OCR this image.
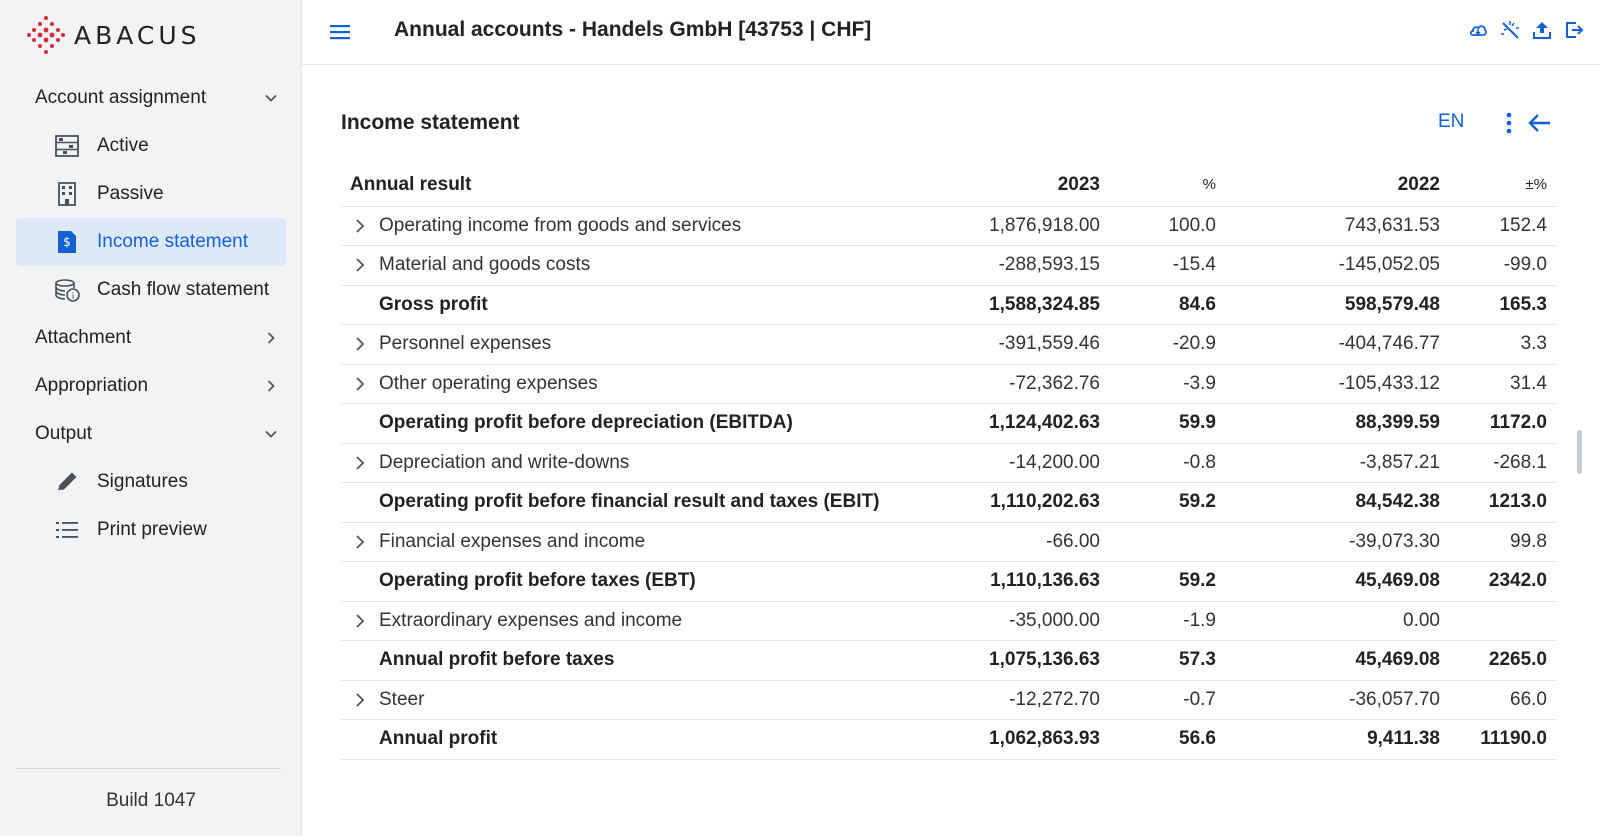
ABACUS
Account assignment
Active
Passive
$ Income statement
i Cash flow statement
Attachment
Appropriation
Output
Signatures
Print preview
Build 1047
Annual accounts - Handels GmbH [43753 | CHF]
Income statement	EN
Annual result		2023	%	2022	±%
	Operating income from goods and services	1,876,918.00	100.0	743,631.53	152.4
	Material and goods costs	-288,593.15	-15.4	-145,052.05	-99.0
	Gross profit	1,588,324.85	84.6	598,579.48	165.3
	Personnel expenses	-391,559.46	-20.9	-404,746.77	3.3
	Other operating expenses	-72,362.76	-3.9	-105,433.12	31.4
	Operating profit before depreciation (EBITDA)	1,124,402.63	59.9	88,399.59	1172.0
	Depreciation and write-downs	-14,200.00	-0.8	-3,857.21	-268.1
	Operating profit before financial result and taxes (EBIT)	1,110,202.63	59.2	84,542.38	1213.0
	Financial expenses and income	-66.00		-39,073.30	99.8
	Operating profit before taxes (EBT)	1,110,136.63	59.2	45,469.08	2342.0
	Extraordinary expenses and income	-35,000.00	-1.9	0.00	
	Annual profit before taxes	1,075,136.63	57.3	45,469.08	2265.0
	Steer	-12,272.70	-0.7	-36,057.70	66.0
	Annual profit	1,062,863.93	56.6	9,411.38	11190.0
